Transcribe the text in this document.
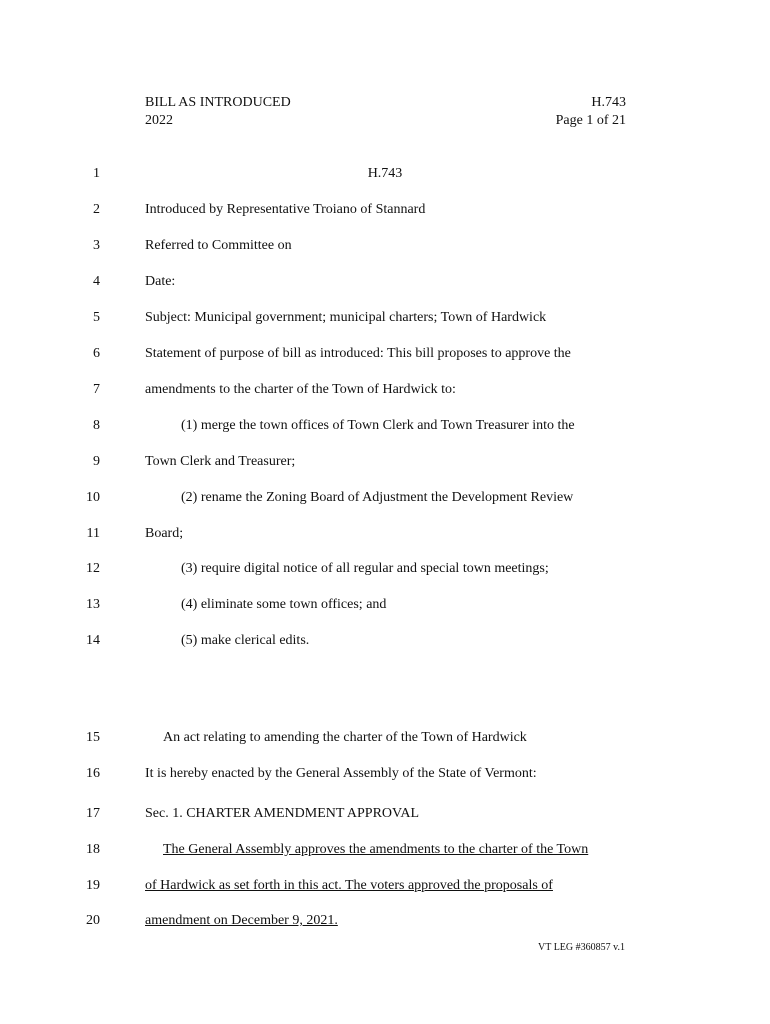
BILL AS INTRODUCED
2022
H.743
Page 1 of 21
1	H.743
2	Introduced by Representative Troiano of Stannard
3	Referred to Committee on
4	Date:
5	Subject: Municipal government; municipal charters; Town of Hardwick
6	Statement of purpose of bill as introduced: This bill proposes to approve the
7	amendments to the charter of the Town of Hardwick to:
8	(1) merge the town offices of Town Clerk and Town Treasurer into the
9	Town Clerk and Treasurer;
10	(2) rename the Zoning Board of Adjustment the Development Review
11	Board;
12	(3) require digital notice of all regular and special town meetings;
13	(4) eliminate some town offices; and
14	(5) make clerical edits.
15	An act relating to amending the charter of the Town of Hardwick
16	It is hereby enacted by the General Assembly of the State of Vermont:
17	Sec. 1. CHARTER AMENDMENT APPROVAL
18	The General Assembly approves the amendments to the charter of the Town
19	of Hardwick as set forth in this act. The voters approved the proposals of
20	amendment on December 9, 2021.
VT LEG #360857 v.1
